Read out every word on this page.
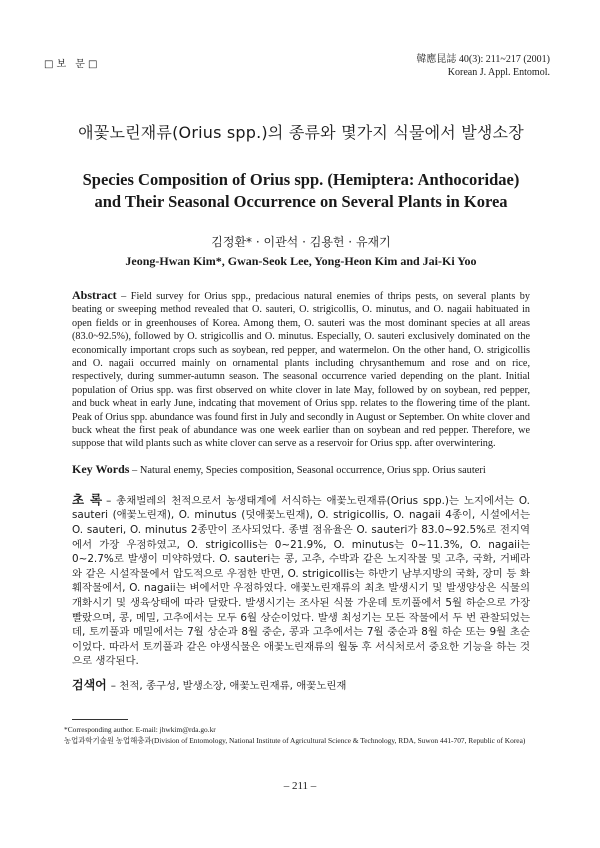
□보 문□	韓應昆誌 40(3): 211~217 (2001)
Korean J. Appl. Entomol.
애꽃노린재류(Orius spp.)의 종류와 몇가지 식물에서 발생소장
Species Composition of Orius spp. (Hemiptera: Anthocoridae)
and Their Seasonal Occurrence on Several Plants in Korea
김정환* · 이관석 · 김용헌 · 유재기
Jeong-Hwan Kim*, Gwan-Seok Lee, Yong-Heon Kim and Jai-Ki Yoo
Abstract – Field survey for Orius spp., predacious natural enemies of thrips pests, on several plants by beating or sweeping method revealed that O. sauteri, O. strigicollis, O. minutus, and O. nagaii habituated in open fields or in greenhouses of Korea. Among them, O. sauteri was the most dominant species at all areas (83.0~92.5%), followed by O. strigicollis and O. minutus. Especially, O. sauteri exclusively dominated on the economically important crops such as soybean, red pepper, and watermelon. On the other hand, O. strigicollis and O. nagaii occurred mainly on ornamental plants including chrysanthemum and rose and on rice, respectively, during summer-autumn season. The seasonal occurrence varied depending on the plant. Initial population of Orius spp. was first observed on white clover in late May, followed by on soybean, red pepper, and buck wheat in early June, indcating that movement of Orius spp. relates to the flowering time of the plant. Peak of Orius spp. abundance was found first in July and secondly in August or September. On white clover and buck wheat the first peak of abundance was one week earlier than on soybean and red pepper. Therefore, we suppose that wild plants such as white clover can serve as a reservoir for Orius spp. after overwintering.
Key Words – Natural enemy, Species composition, Seasonal occurrence, Orius spp. Orius sauteri
초 록 – 총채벌레의 천적으로서 농생태계에 서식하는 애꽃노린재류(Orius spp.)는 노지에서는 O. sauteri (애꽃노린재), O. minutus (덧애꽃노린재), O. strigicollis, O. nagaii 4종이, 시설에서는 O. sauteri, O. minutus 2종만이 조사되었다. 종별 점유율은 O. sauteri가 83.0~92.5%로 전지역에서 가장 우점하였고, O. strigicollis는 0~21.9%, O. minutus는 0~11.3%, O. nagaii는 0~2.7%로 발생이 미약하였다. O. sauteri는 콩, 고추, 수박과 같은 노지작물 및 고추, 국화, 거베라와 같은 시설작물에서 압도적으로 우점한 반면, O. strigicollis는 하반기 남부지방의 국화, 장미 등 화훼작물에서, O. nagaii는 벼에서만 우점하였다. 애꽃노린재류의 최초 발생시기 및 발생양상은 식물의 개화시기 및 생육상태에 따라 달랐다. 발생시기는 조사된 식물 가운데 토끼풀에서 5월 하순으로 가장 빨랐으며, 콩, 메밀, 고추에서는 모두 6월 상순이었다. 발생 최성기는 모든 작물에서 두 번 관찰되었는데, 토끼풀과 메밀에서는 7월 상순과 8월 중순, 콩과 고추에서는 7월 중순과 8월 하순 또는 9월 초순이었다. 따라서 토끼풀과 같은 야생식물은 애꽃노린재류의 월동 후 서식처로서 중요한 기능을 하는 것으로 생각된다.
검색어 – 천적, 종구성, 발생소장, 애꽃노린재류, 애꽃노린재
*Corresponding author. E-mail: jhwkim@rda.go.kr
농업과학기술원 농업해충과(Division of Entomology, National Institute of Agricultural Science & Technology, RDA, Suwon 441-707, Republic of Korea)
– 211 –
